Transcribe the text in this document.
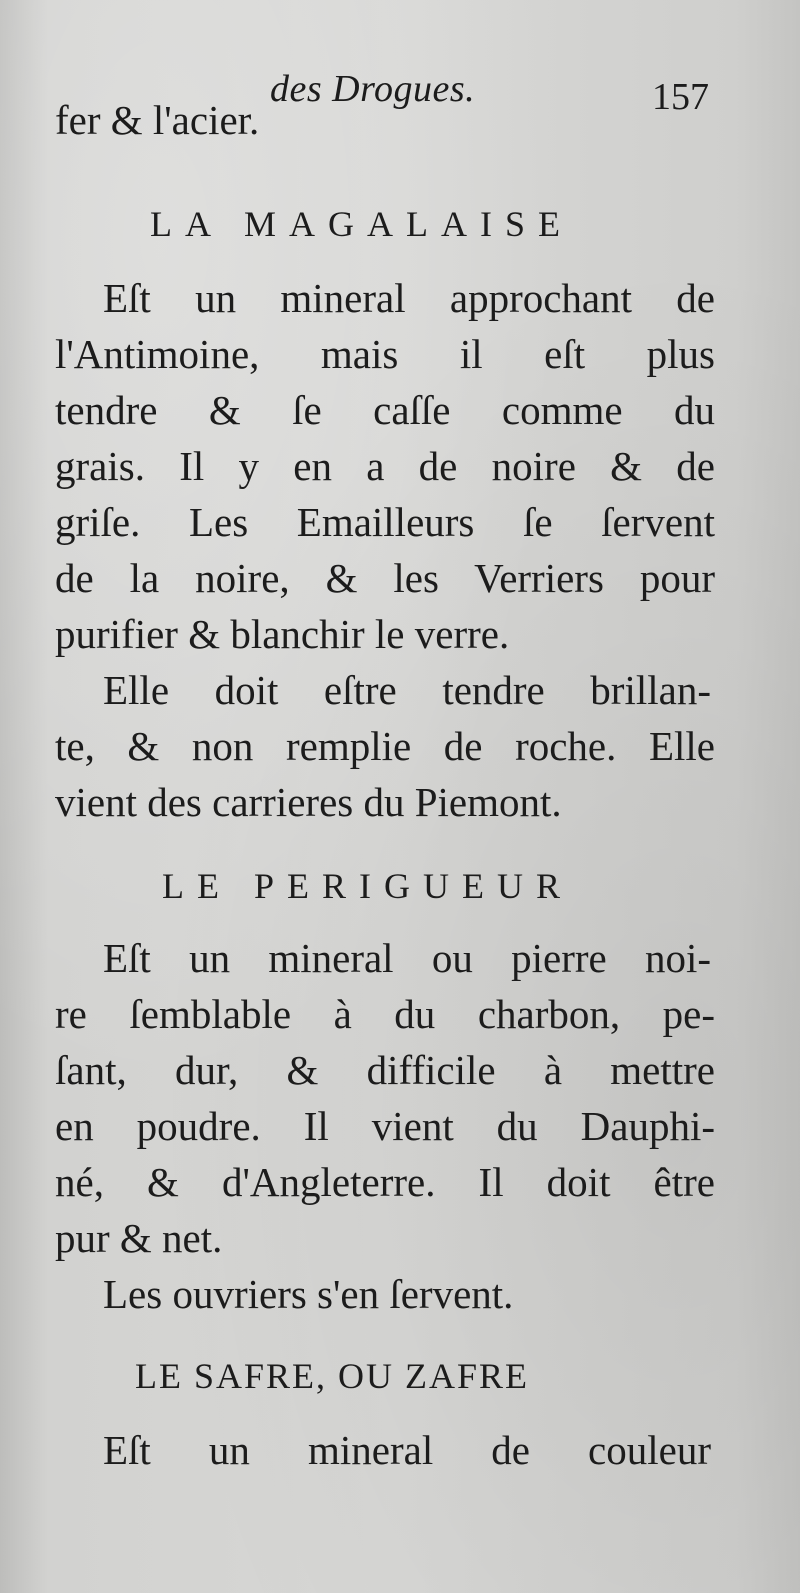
des Drogues.	157
fer & l'acier.
LA MAGALAISE
Eſt un mineral approchant de
l'Antimoine, mais il eſt plus
tendre & ſe caſſe comme du
grais. Il y en a de noire & de
griſe. Les Emailleurs ſe ſervent
de la noire, & les Verriers pour
purifier & blanchir le verre.
Elle doit eſtre tendre brillan-
te, & non remplie de roche. Elle
vient des carrieres du Piemont.
LE PERIGUEUR
Eſt un mineral ou pierre noi-
re ſemblable à du charbon, pe-
ſant, dur, & difficile à mettre
en poudre. Il vient du Dauphi-
né, & d'Angleterre. Il doit être
pur & net.
Les ouvriers s'en ſervent.
LE SAFRE, OU ZAFRE
Eſt un mineral de couleur
